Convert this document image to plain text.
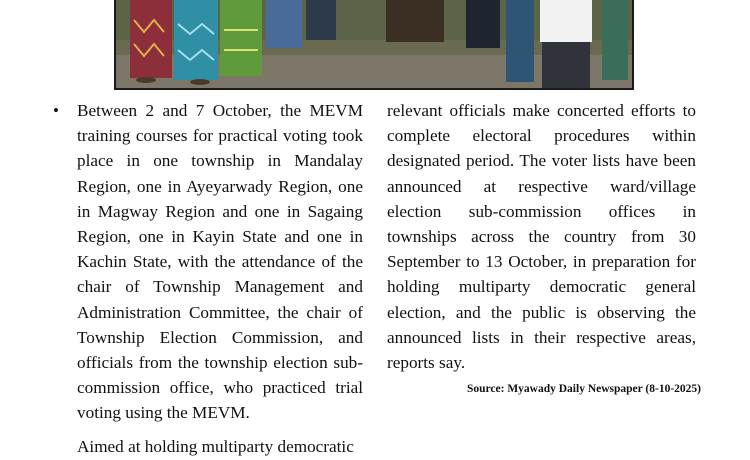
• Between 2 and 7 October, the MEVM training courses for practical voting took place in one township in Mandalay Region, one in Ayeyarwady Region, one in Magway Region and one in Sagaing Region, one in Kayin State and one in Kachin State, with the attendance of the chair of Township Management and Administration Committee, the chair of Township Election Commission, and officials from the township election sub-commission office, who practiced trial voting using the MEVM.

Aimed at holding multiparty democratic

relevant officials make concerted efforts to complete electoral procedures within designated period. The voter lists have been announced at respective ward/village election sub-commission offices in townships across the country from 30 September to 13 October, in preparation for holding multiparty democratic general election, and the public is observing the announced lists in their respective areas, reports say.

Source: Myawady Daily Newspaper (8-10-2025)
